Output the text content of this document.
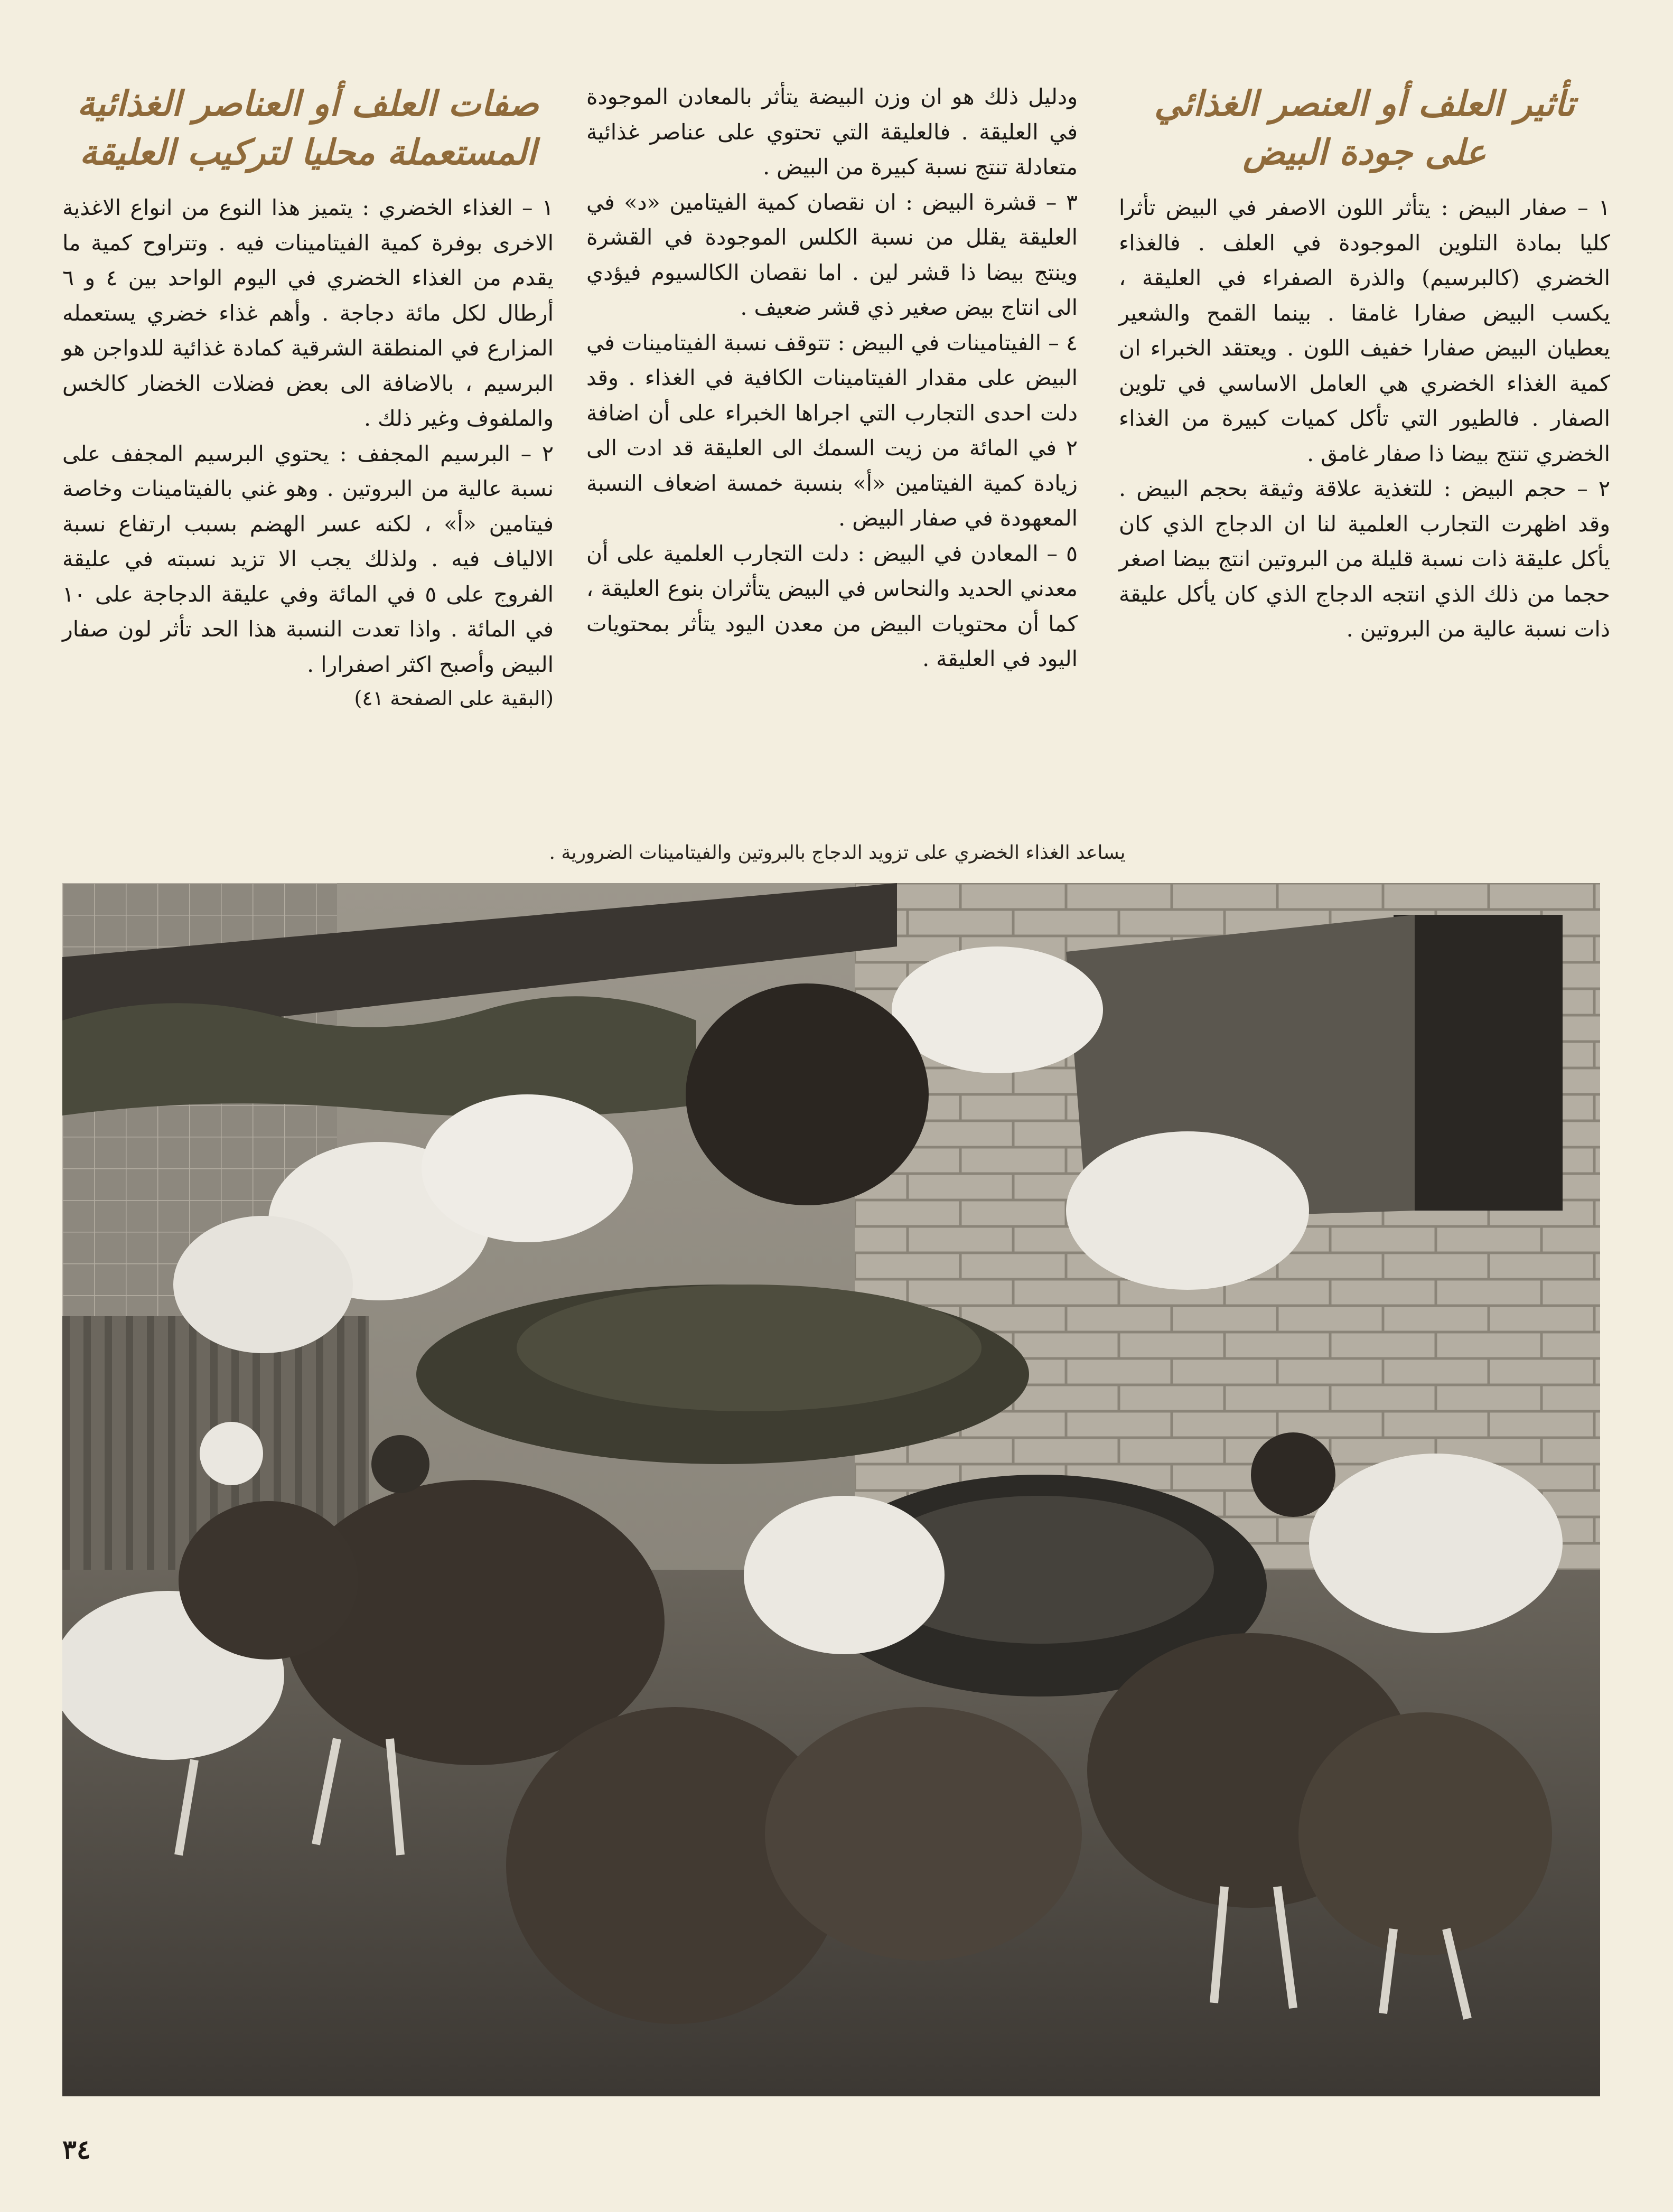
تأثير العلف أو العنصر الغذائي
على جودة البيض

١ – صفار البيض : يتأثر اللون الاصفر في البيض تأثرا كليا بمادة التلوين الموجودة في العلف . فالغذاء الخضري (كالبرسيم) والذرة الصفراء في العليقة ، يكسب البيض صفارا غامقا . بينما القمح والشعير يعطيان البيض صفارا خفيف اللون . ويعتقد الخبراء ان كمية الغذاء الخضري هي العامل الاساسي في تلوين الصفار . فالطيور التي تأكل كميات كبيرة من الغذاء الخضري تنتج بيضا ذا صفار غامق .

٢ – حجم البيض : للتغذية علاقة وثيقة بحجم البيض . وقد اظهرت التجارب العلمية لنا ان الدجاج الذي كان يأكل عليقة ذات نسبة قليلة من البروتين انتج بيضا اصغر حجما من ذلك الذي انتجه الدجاج الذي كان يأكل عليقة ذات نسبة عالية من البروتين .

ودليل ذلك هو ان وزن البيضة يتأثر بالمعادن الموجودة في العليقة . فالعليقة التي تحتوي على عناصر غذائية متعادلة تنتج نسبة كبيرة من البيض .

٣ – قشرة البيض : ان نقصان كمية الفيتامين «د» في العليقة يقلل من نسبة الكلس الموجودة في القشرة وينتج بيضا ذا قشر لين . اما نقصان الكالسيوم فيؤدي الى انتاج بيض صغير ذي قشر ضعيف .

٤ – الفيتامينات في البيض : تتوقف نسبة الفيتامينات في البيض على مقدار الفيتامينات الكافية في الغذاء . وقد دلت احدى التجارب التي اجراها الخبراء على أن اضافة ٢ في المائة من زيت السمك الى العليقة قد ادت الى زيادة كمية الفيتامين «أ» بنسبة خمسة اضعاف النسبة المعهودة في صفار البيض .

٥ – المعادن في البيض : دلت التجارب العلمية على أن معدني الحديد والنحاس في البيض يتأثران بنوع العليقة ، كما أن محتويات البيض من معدن اليود يتأثر بمحتويات اليود في العليقة .

صفات العلف أو العناصر الغذائية
المستعملة محليا لتركيب العليقة

١ – الغذاء الخضري : يتميز هذا النوع من انواع الاغذية الاخرى بوفرة كمية الفيتامينات فيه . وتتراوح كمية ما يقدم من الغذاء الخضري في اليوم الواحد بين ٤ و ٦ أرطال لكل مائة دجاجة . وأهم غذاء خضري يستعمله المزارع في المنطقة الشرقية كمادة غذائية للدواجن هو البرسيم ، بالاضافة الى بعض فضلات الخضار كالخس والملفوف وغير ذلك .

٢ – البرسيم المجفف : يحتوي البرسيم المجفف على نسبة عالية من البروتين . وهو غني بالفيتامينات وخاصة فيتامين «أ» ، لكنه عسر الهضم بسبب ارتفاع نسبة الالياف فيه . ولذلك يجب الا تزيد نسبته في عليقة الفروج على ٥ في المائة وفي عليقة الدجاجة على ١٠ في المائة . واذا تعدت النسبة هذا الحد تأثر لون صفار البيض وأصبح اكثر اصفرارا .

(البقية على الصفحة ٤١)

يساعد الغذاء الخضري على تزويد الدجاج بالبروتين والفيتامينات الضرورية .
٣٤
